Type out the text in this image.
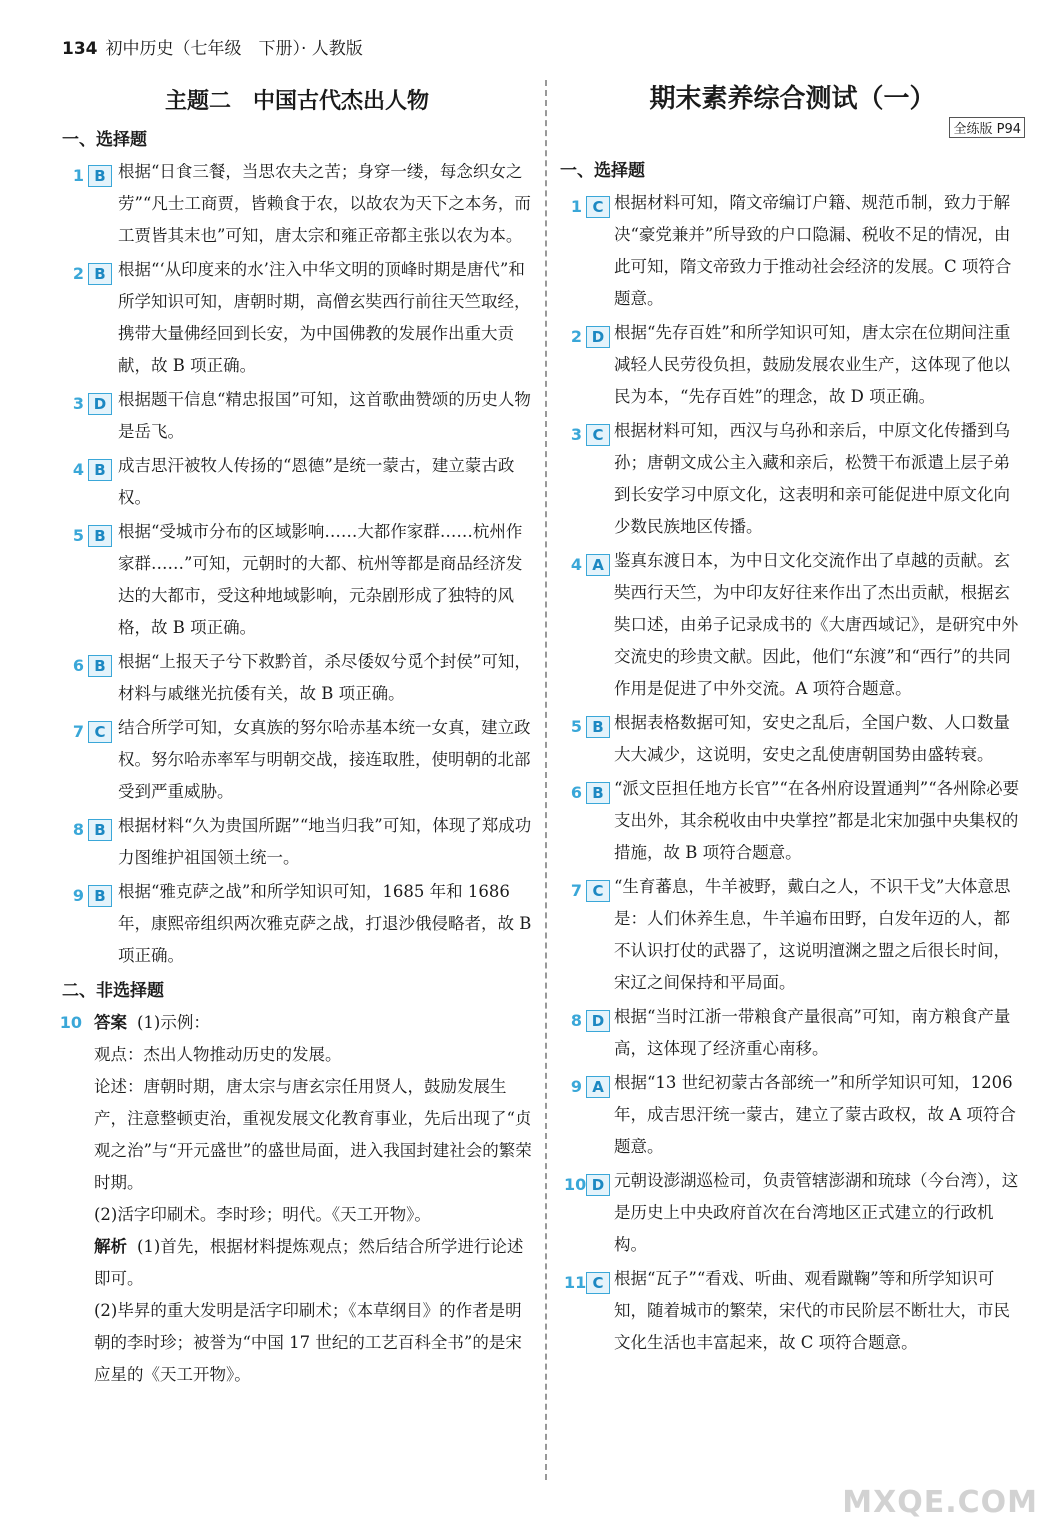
134 初中历史（七年级　下册）· 人教版
主题二　中国古代杰出人物
一、选择题
1 B 根据“日食三餐，当思农夫之苦；身穿一缕，每念织女之劳”“凡士工商贾，皆赖食于农，以故农为天下之本务，而工贾皆其末也”可知，唐太宗和雍正帝都主张以农为本。
2 B 根据“‘从印度来的水’注入中华文明的顶峰时期是唐代”和所学知识可知，唐朝时期，高僧玄奘西行前往天竺取经，携带大量佛经回到长安，为中国佛教的发展作出重大贡献，故 B 项正确。
3 D 根据题干信息“精忠报国”可知，这首歌曲赞颂的历史人物是岳飞。
4 B 成吉思汗被牧人传扬的“恩德”是统一蒙古，建立蒙古政权。
5 B 根据“受城市分布的区域影响……大都作家群……杭州作家群……”可知，元朝时的大都、杭州等都是商品经济发达的大都市，受这种地域影响，元杂剧形成了独特的风格，故 B 项正确。
6 B 根据“上报天子兮下救黔首，杀尽倭奴兮觅个封侯”可知，材料与戚继光抗倭有关，故 B 项正确。
7 C 结合所学可知，女真族的努尔哈赤基本统一女真，建立政权。努尔哈赤率军与明朝交战，接连取胜，使明朝的北部受到严重威胁。
8 B 根据材料“久为贵国所踞”“地当归我”可知，体现了郑成功力图维护祖国领土统一。
9 B 根据“雅克萨之战”和所学知识可知，1685 年和 1686 年，康熙帝组织两次雅克萨之战，打退沙俄侵略者，故 B 项正确。
二、非选择题
10 答案 (1)示例：

观点：杰出人物推动历史的发展。

论述：唐朝时期，唐太宗与唐玄宗任用贤人，鼓励发展生产，注意整顿吏治，重视发展文化教育事业，先后出现了“贞观之治”与“开元盛世”的盛世局面，进入我国封建社会的繁荣时期。

(2)活字印刷术。李时珍；明代。《天工开物》。

解析 (1)首先，根据材料提炼观点；然后结合所学进行论述即可。

(2)毕昇的重大发明是活字印刷术；《本草纲目》的作者是明朝的李时珍；被誉为“中国 17 世纪的工艺百科全书”的是宋应星的《天工开物》。

期末素养综合测试（一）
全练版 P94
一、选择题
1 C 根据材料可知，隋文帝编订户籍、规范币制，致力于解决“豪党兼并”所导致的户口隐漏、税收不足的情况，由此可知，隋文帝致力于推动社会经济的发展。C 项符合题意。
2 D 根据“先存百姓”和所学知识可知，唐太宗在位期间注重减轻人民劳役负担，鼓励发展农业生产，这体现了他以民为本，“先存百姓”的理念，故 D 项正确。
3 C 根据材料可知，西汉与乌孙和亲后，中原文化传播到乌孙；唐朝文成公主入藏和亲后，松赞干布派遣上层子弟到长安学习中原文化，这表明和亲可能促进中原文化向少数民族地区传播。
4 A 鉴真东渡日本，为中日文化交流作出了卓越的贡献。玄奘西行天竺，为中印友好往来作出了杰出贡献，根据玄奘口述，由弟子记录成书的《大唐西域记》，是研究中外交流史的珍贵文献。因此，他们“东渡”和“西行”的共同作用是促进了中外交流。A 项符合题意。
5 B 根据表格数据可知，安史之乱后，全国户数、人口数量大大减少，这说明，安史之乱使唐朝国势由盛转衰。
6 B “派文臣担任地方长官”“在各州府设置通判”“各州除必要支出外，其余税收由中央掌控”都是北宋加强中央集权的措施，故 B 项符合题意。
7 C “生育蕃息，牛羊被野，戴白之人，不识干戈”大体意思是：人们休养生息，牛羊遍布田野，白发年迈的人，都不认识打仗的武器了，这说明澶渊之盟之后很长时间，宋辽之间保持和平局面。
8 D 根据“当时江浙一带粮食产量很高”可知，南方粮食产量高，这体现了经济重心南移。
9 A 根据“13 世纪初蒙古各部统一”和所学知识可知，1206 年，成吉思汗统一蒙古，建立了蒙古政权，故 A 项符合题意。
10 D 元朝设澎湖巡检司，负责管辖澎湖和琉球（今台湾），这是历史上中央政府首次在台湾地区正式建立的行政机构。
11 C 根据“瓦子”“看戏、听曲、观看蹴鞠”等和所学知识可知，随着城市的繁荣，宋代的市民阶层不断壮大，市民文化生活也丰富起来，故 C 项符合题意。
MXQE.COM
